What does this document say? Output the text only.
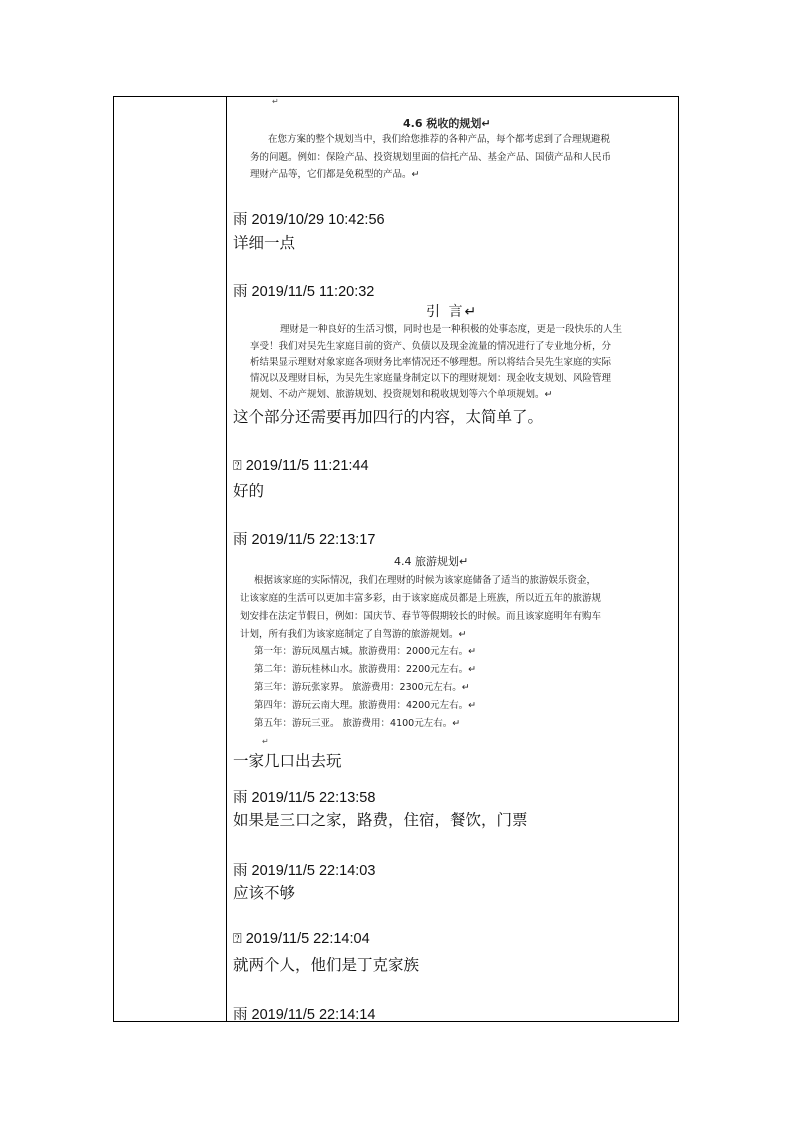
↵
4.6 税收的规划↵
在您方案的整个规划当中，我们给您推荐的各种产品，每个都考虑到了合理规避税
务的问题。例如：保险产品、投资规划里面的信托产品、基金产品、国债产品和人民币
理财产品等，它们都是免税型的产品。↵
雨 2019/10/29 10:42:56
详细一点
雨 2019/11/5 11:20:32
引 言↵
理财是一种良好的生活习惯，同时也是一种积极的处事态度，更是一段快乐的人生
享受！我们对吴先生家庭目前的资产、负债以及现金流量的情况进行了专业地分析，分
析结果显示理财对象家庭各项财务比率情况还不够理想。所以将结合吴先生家庭的实际
情况以及理财目标，为吴先生家庭量身制定以下的理财规划：现金收支规划、风险管理
规划、不动产规划、旅游规划、投资规划和税收规划等六个单项规划。↵
这个部分还需要再加四行的内容，太简单了。
⍰ 2019/11/5 11:21:44
好的
雨 2019/11/5 22:13:17
4.4 旅游规划↵
根据该家庭的实际情况，我们在理财的时候为该家庭储备了适当的旅游娱乐资金，
让该家庭的生活可以更加丰富多彩，由于该家庭成员都是上班族，所以近五年的旅游规
划安排在法定节假日，例如：国庆节、春节等假期较长的时候。而且该家庭明年有购车
计划，所有我们为该家庭制定了自驾游的旅游规划。↵
第一年：游玩凤凰古城。旅游费用：2000元左右。↵
第二年：游玩桂林山水。旅游费用：2200元左右。↵
第三年：游玩张家界。 旅游费用：2300元左右。↵
第四年：游玩云南大理。旅游费用：4200元左右。↵
第五年：游玩三亚。 旅游费用：4100元左右。↵
↵
一家几口出去玩
雨 2019/11/5 22:13:58
如果是三口之家，路费，住宿，餐饮，门票
雨 2019/11/5 22:14:03
应该不够
⍰ 2019/11/5 22:14:04
就两个人，他们是丁克家族
雨 2019/11/5 22:14:14
